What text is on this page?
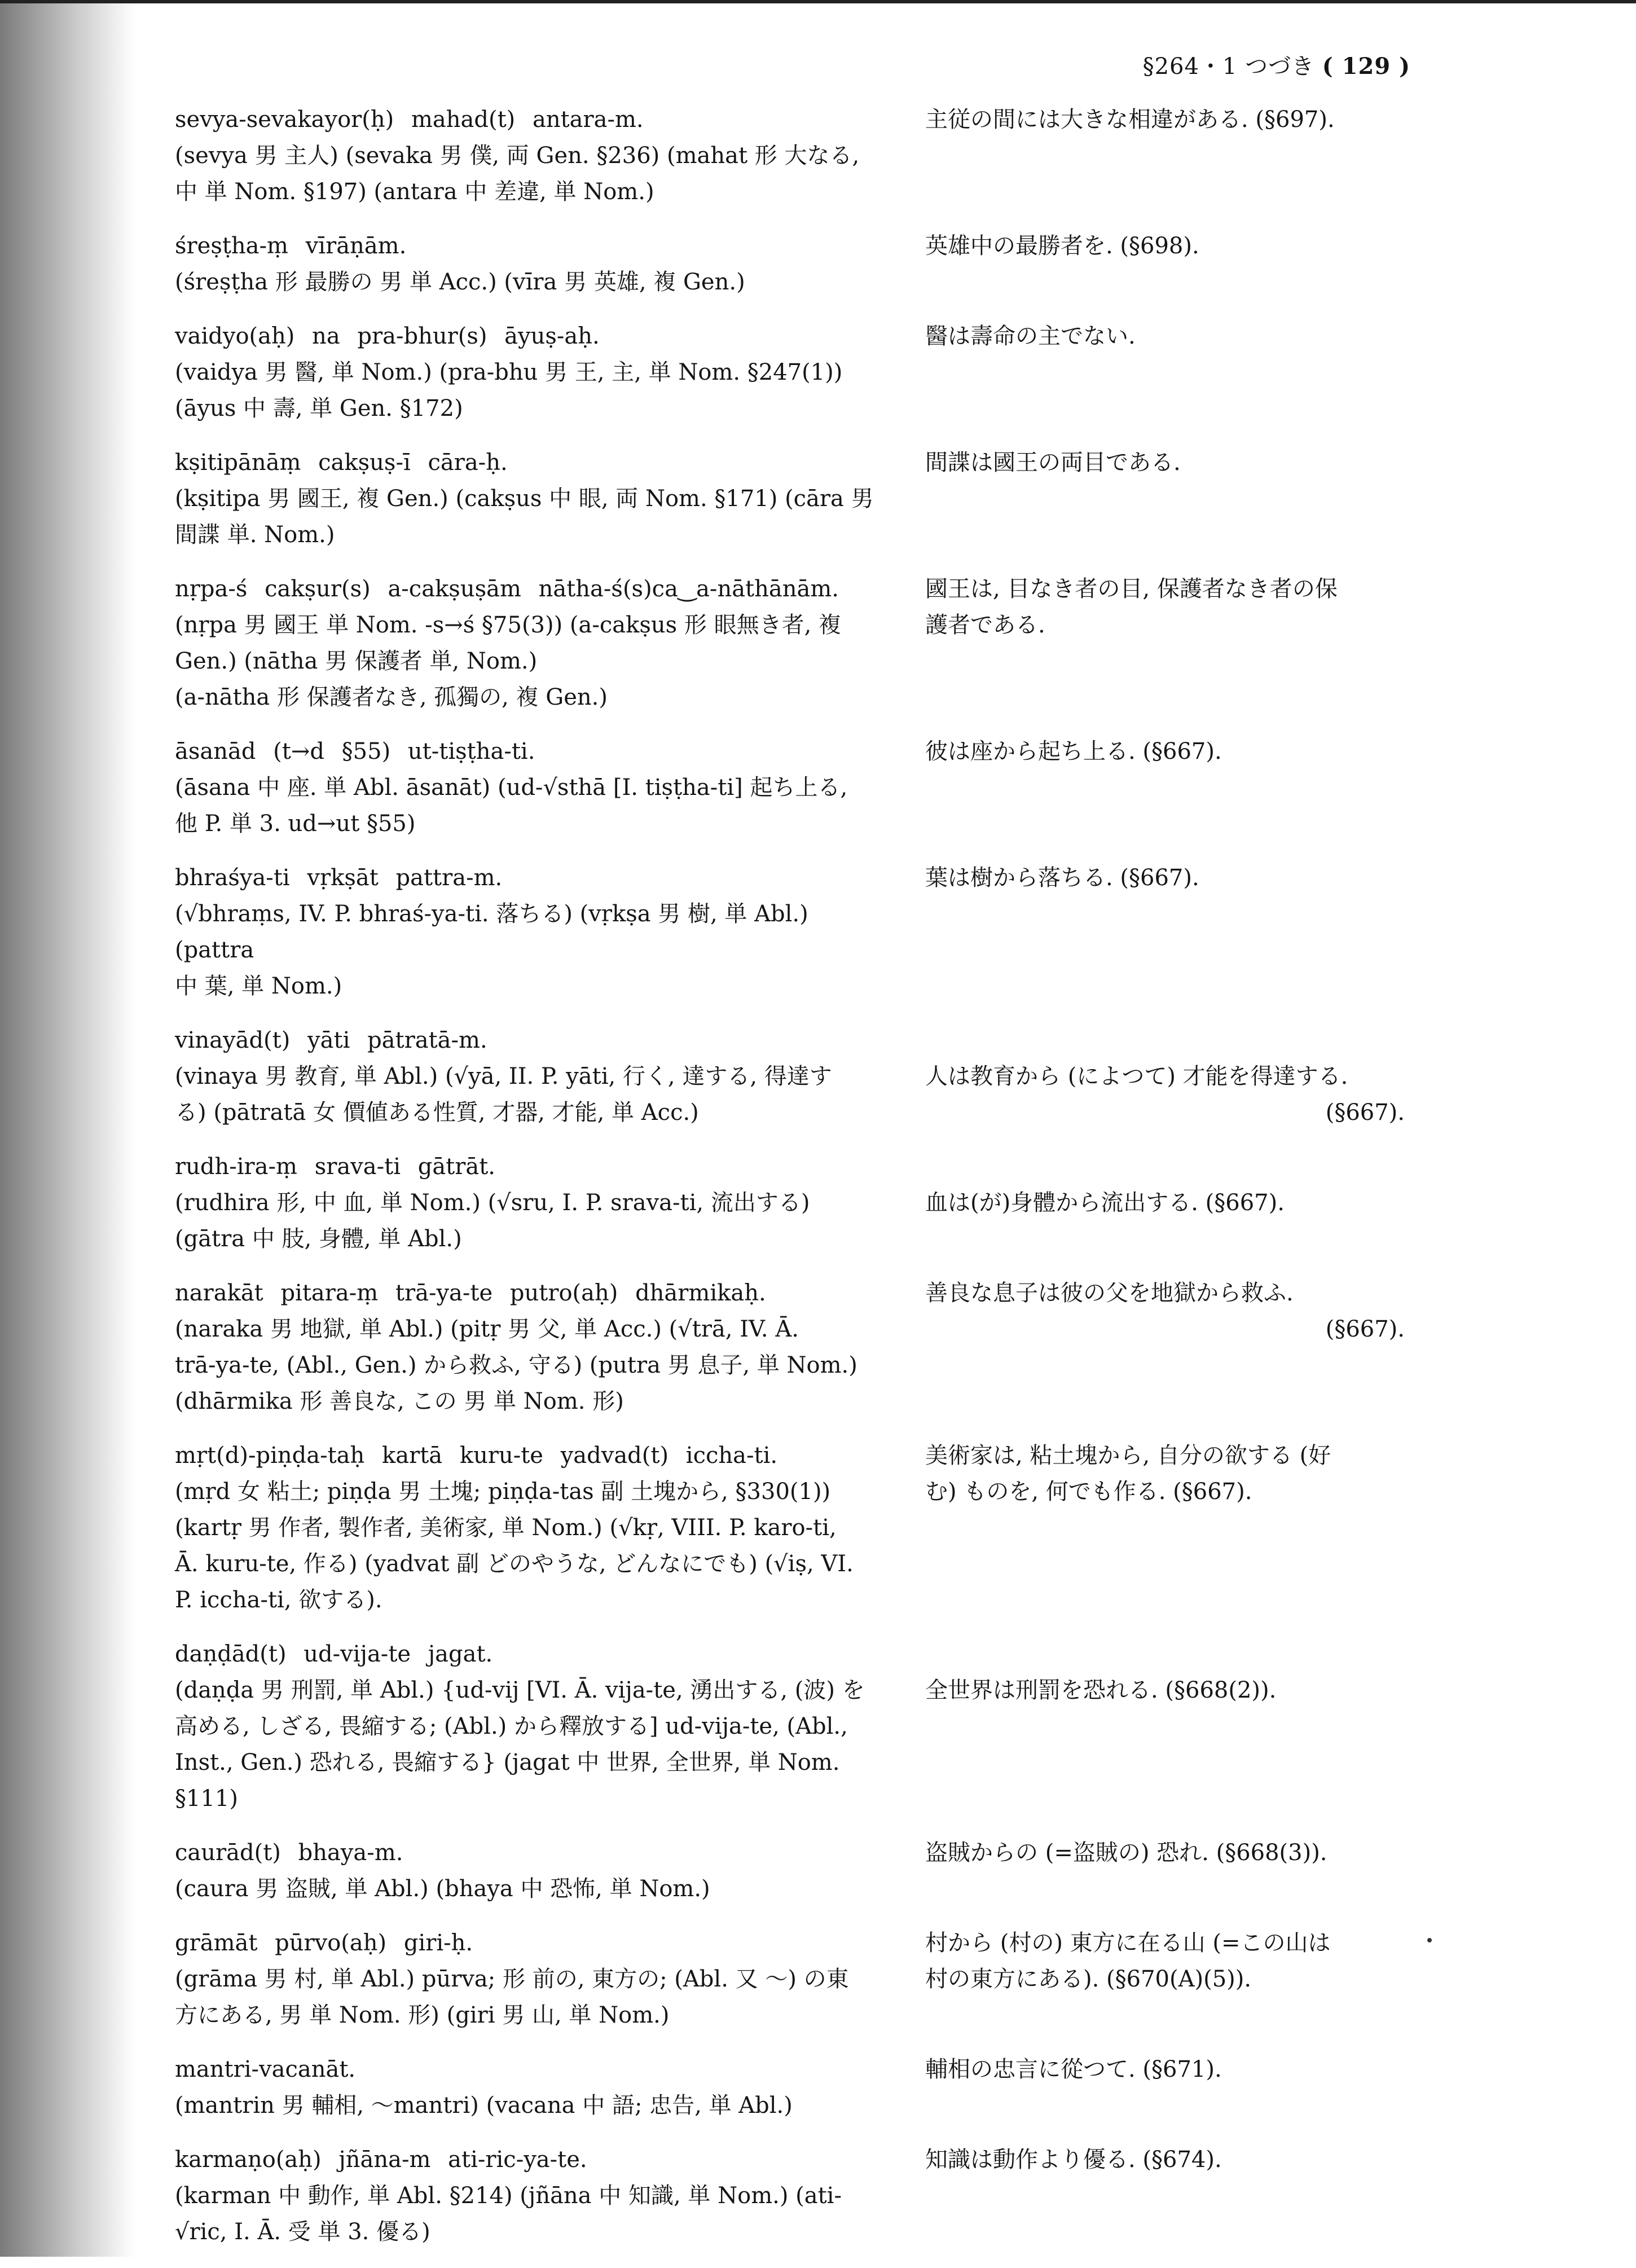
§264・1 つづき ( 129 )
sevya-sevakayor(ḥ) mahad(t) antara-m.
(sevya 男 主人) (sevaka 男 僕, 両 Gen. §236) (mahat 形 大なる,
中 単 Nom. §197) (antara 中 差違, 単 Nom.)
主従の間には大きな相違がある. (§697).
śreṣṭha-ṃ vīrāṇām.
(śreṣṭha 形 最勝の 男 単 Acc.) (vīra 男 英雄, 複 Gen.)
英雄中の最勝者を. (§698).
vaidyo(aḥ) na pra-bhur(s) āyuṣ-aḥ.
(vaidya 男 醫, 単 Nom.) (pra-bhu 男 王, 主, 単 Nom. §247(1))
(āyus 中 壽, 単 Gen. §172)
醫は壽命の主でない.
kṣitipānāṃ cakṣuṣ-ī cāra-ḥ.
(kṣitipa 男 國王, 複 Gen.) (cakṣus 中 眼, 両 Nom. §171) (cāra 男
間諜 単. Nom.)
間諜は國王の両目である.
nṛpa-ś cakṣur(s) a-cakṣuṣām nātha-ś(s)ca‿a-nāthānām.
(nṛpa 男 國王 単 Nom. -s→ś §75(3)) (a-cakṣus 形 眼無き者, 複
Gen.) (nātha 男 保護者 単, Nom.)
(a-nātha 形 保護者なき, 孤獨の, 複 Gen.)
國王は, 目なき者の目, 保護者なき者の保
護者である.
āsanād (t→d §55) ut-tiṣṭha-ti.
(āsana 中 座. 単 Abl. āsanāt) (ud-√sthā [I. tiṣṭha-ti] 起ち上る,
他 P. 単 3. ud→ut §55)
彼は座から起ち上る. (§667).
bhraśya-ti vṛkṣāt pattra-m.
(√bhraṃs, IV. P. bhraś-ya-ti. 落ちる) (vṛkṣa 男 樹, 単 Abl.) (pattra
中 葉, 単 Nom.)
葉は樹から落ちる. (§667).
vinayād(t) yāti pātratā-m.
(vinaya 男 教育, 単 Abl.) (√yā, II. P. yāti, 行く, 達する, 得達す
る) (pātratā 女 價値ある性質, 才器, 才能, 単 Acc.)
人は教育から (によつて) 才能を得達する.
(§667).
rudh-ira-ṃ srava-ti gātrāt.
(rudhira 形, 中 血, 単 Nom.) (√sru, I. P. srava-ti, 流出する)
(gātra 中 肢, 身體, 単 Abl.)
血は(が)身體から流出する. (§667).
narakāt pitara-ṃ trā-ya-te putro(aḥ) dhārmikaḥ.
(naraka 男 地獄, 単 Abl.) (pitṛ 男 父, 単 Acc.) (√trā, IV. Ā.
trā-ya-te, (Abl., Gen.) から救ふ, 守る) (putra 男 息子, 単 Nom.)
(dhārmika 形 善良な, この 男 単 Nom. 形)
善良な息子は彼の父を地獄から救ふ.
(§667).
mṛt(d)-piṇḍa-taḥ kartā kuru-te yadvad(t) iccha-ti.
(mṛd 女 粘土; piṇḍa 男 土塊; piṇḍa-tas 副 土塊から, §330(1))
(kartṛ 男 作者, 製作者, 美術家, 単 Nom.) (√kṛ, VIII. P. karo-ti,
Ā. kuru-te, 作る) (yadvat 副 どのやうな, どんなにでも) (√iṣ, VI.
P. iccha-ti, 欲する).
美術家は, 粘土塊から, 自分の欲する (好
む) ものを, 何でも作る. (§667).
daṇḍād(t) ud-vija-te jagat.
(daṇḍa 男 刑罰, 単 Abl.) {ud-vij [VI. Ā. vija-te, 湧出する, (波) を
高める, しざる, 畏縮する; (Abl.) から釋放する] ud-vija-te, (Abl.,
Inst., Gen.) 恐れる, 畏縮する} (jagat 中 世界, 全世界, 単 Nom.
§111)
全世界は刑罰を恐れる. (§668(2)).
caurād(t) bhaya-m.
(caura 男 盗賊, 単 Abl.) (bhaya 中 恐怖, 単 Nom.)
盗賊からの (=盗賊の) 恐れ. (§668(3)).
grāmāt pūrvo(aḥ) giri-ḥ.
(grāma 男 村, 単 Abl.) pūrva; 形 前の, 東方の; (Abl. 又 ～) の東
方にある, 男 単 Nom. 形) (giri 男 山, 単 Nom.)
村から (村の) 東方に在る山 (=この山は
村の東方にある). (§670(A)(5)).
mantri-vacanāt.
(mantrin 男 輔相, ～mantri) (vacana 中 語; 忠告, 単 Abl.)
輔相の忠言に從つて. (§671).
karmaṇo(aḥ) jñāna-m ati-ric-ya-te.
(karman 中 動作, 単 Abl. §214) (jñāna 中 知識, 単 Nom.) (ati-
√ric, I. Ā. 受 単 3. 優る)
知識は動作より優る. (§674).
